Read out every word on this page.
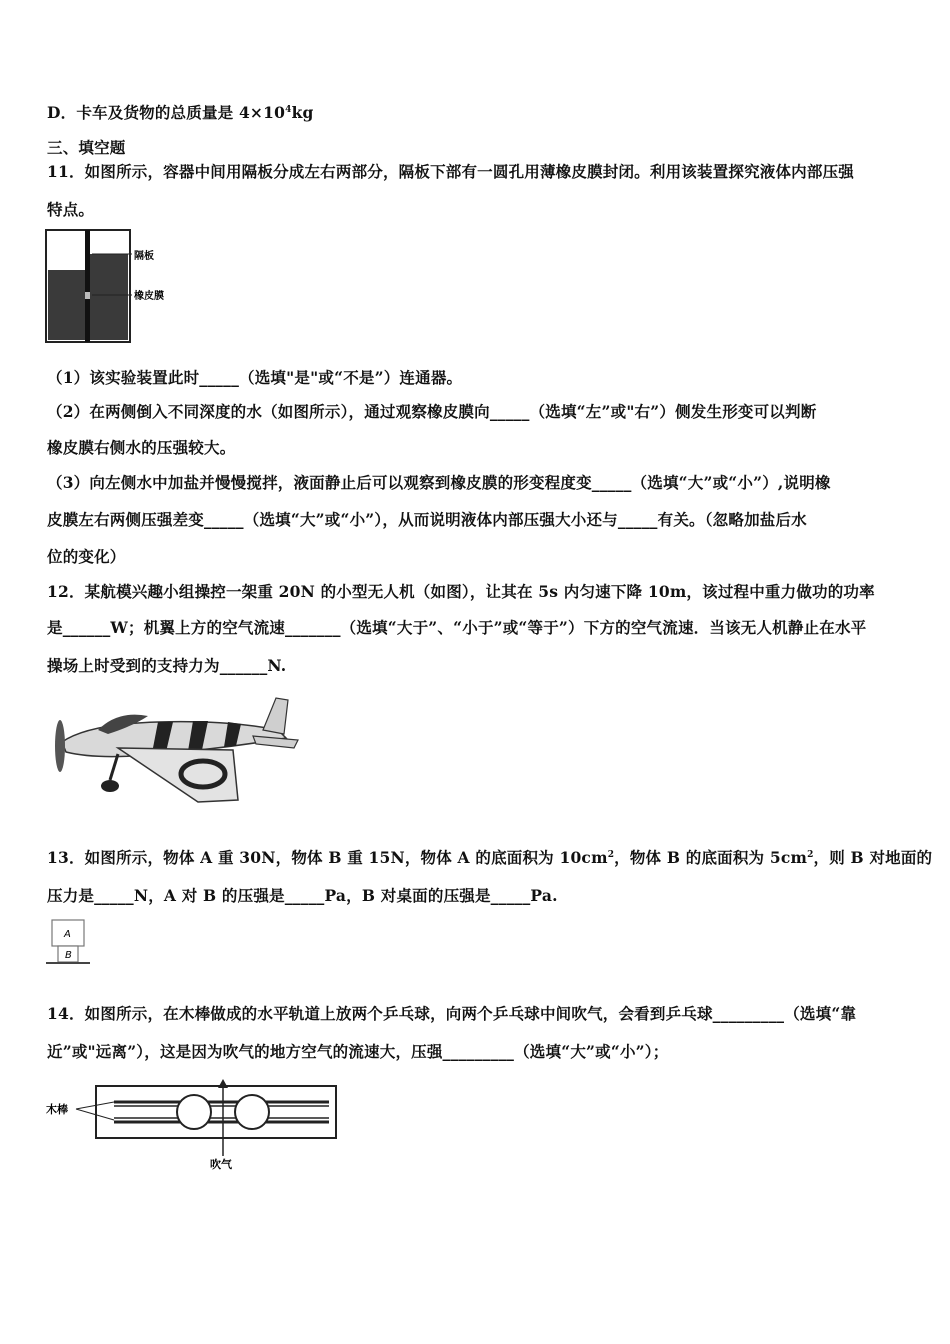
D．卡车及货物的总质量是 $4\times 10^4kg$
三、填空题
11．如图所示，容器中间用隔板分成左右两部分，隔板下部有一圆孔用薄橡皮膜封闭。利用该装置探究液体内部压强
特点。
隔板
橡皮膜
（1）该实验装置此时_____（选填"是"或“不是”）连通器。
（2）在两侧倒入不同深度的水（如图所示），通过观察橡皮膜向_____（选填“左”或"右”）侧发生形变可以判断
橡皮膜右侧水的压强较大。
（3）向左侧水中加盐并慢慢搅拌，液面静止后可以观察到橡皮膜的形变程度变_____（选填“大”或“小”）,说明橡
皮膜左右两侧压强差变_____（选填“大”或“小”），从而说明液体内部压强大小还与_____有关。（忽略加盐后水
位的变化）
12．某航模兴趣小组操控一架重 20N 的小型无人机（如图），让其在 5s 内匀速下降 10m，该过程中重力做功的功率
是______W；机翼上方的空气流速_______（选填“大于”、“小于”或“等于”）下方的空气流速．当该无人机静止在水平
操场上时受到的支持力为______N.
13．如图所示，物体 A 重 30N，物体 B 重 15N，物体 A 的底面积为 $10cm^2$，物体 B 的底面积为 $5cm^2$，则 B 对地面的
压力是_____N，A 对 B 的压强是_____Pa，B 对桌面的压强是_____Pa.
A
B
14．如图所示，在木棒做成的水平轨道上放两个乒乓球，向两个乒乓球中间吹气，会看到乒乓球_________（选填“靠
近”或"远离”），这是因为吹气的地方空气的流速大，压强_________（选填“大”或“小”）；
木棒
吹气
